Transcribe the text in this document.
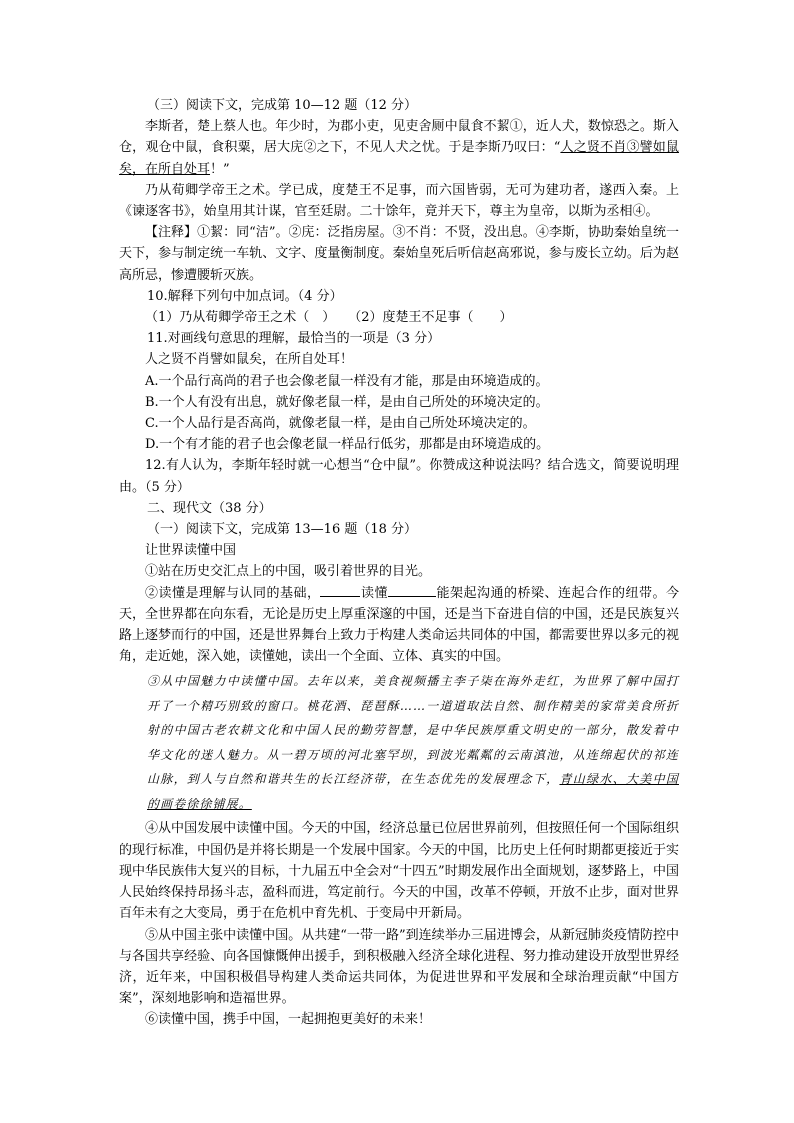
（三）阅读下文，完成第 10—12 题（12 分）

李斯者，楚上蔡人也。年少时，为郡小吏，见吏舍厕中鼠食不絜①，近人犬，数惊恐之。斯入仓，观仓中鼠，食积粟，居大庑②之下，不见人犬之忧。于是李斯乃叹曰：“人之贤不肖③譬如鼠矣，在所自处耳！”

乃从荀卿学帝王之术。学已成，度楚王不足事，而六国皆弱，无可为建功者，遂西入秦。上《谏逐客书》，始皇用其计谋，官至廷尉。二十馀年，竟并天下，尊主为皇帝，以斯为丞相④。

【注释】①絜：同“洁”。②庑：泛指房屋。③不肖：不贤，没出息。④李斯，协助秦始皇统一天下，参与制定统一车轨、文字、度量衡制度。秦始皇死后听信赵高邪说，参与废长立幼。后为赵高所忌，惨遭腰斩灭族。

10.解释下列句中加点词。（4 分）

（1）乃从荀卿学帝王之术（　）　　（2）度楚王不足事（　　）

11.对画线句意思的理解，最恰当的一项是（3 分）

人之贤不肖譬如鼠矣，在所自处耳！

A.一个品行高尚的君子也会像老鼠一样没有才能，那是由环境造成的。

B.一个人有没有出息，就好像老鼠一样，是由自己所处的环境决定的。

C.一个人品行是否高尚，就像老鼠一样，是由自己所处环境决定的。

D.一个有才能的君子也会像老鼠一样品行低劣，那都是由环境造成的。

12.有人认为，李斯年轻时就一心想当“仓中鼠”。你赞成这种说法吗？结合选文，简要说明理由。（5 分）

二、现代文（38 分）

（一）阅读下文，完成第 13—16 题（18 分）

让世界读懂中国

①站在历史交汇点上的中国，吸引着世界的目光。

②读懂是理解与认同的基础，	读懂	能架起沟通的桥梁、连起合作的纽带。今天，全世界都在向东看，无论是历史上厚重深邃的中国，还是当下奋进自信的中国，还是民族复兴路上逐梦而行的中国，还是世界舞台上致力于构建人类命运共同体的中国，都需要世界以多元的视角，走近她，深入她，读懂她，读出一个全面、立体、真实的中国。

③从中国魅力中读懂中国。去年以来，美食视频播主李子柒在海外走红，为世界了解中国打开了一个精巧别致的窗口。桃花酒、琵琶酥……一道道取法自然、制作精美的家常美食所折射的中国古老农耕文化和中国人民的勤劳智慧，是中华民族厚重文明史的一部分，散发着中华文化的迷人魅力。从一碧万顷的河北塞罕坝，到波光粼粼的云南滇池，从连绵起伏的祁连山脉，到人与自然和谐共生的长江经济带，在生态优先的发展理念下，青山绿水、大美中国的画卷徐徐铺展。

④从中国发展中读懂中国。今天的中国，经济总量已位居世界前列，但按照任何一个国际组织的现行标准，中国仍是并将长期是一个发展中国家。今天的中国，比历史上任何时期都更接近于实现中华民族伟大复兴的目标，十九届五中全会对“十四五”时期发展作出全面规划，逐梦路上，中国人民始终保持昂扬斗志，盈科而进，笃定前行。今天的中国，改革不停顿，开放不止步，面对世界百年未有之大变局，勇于在危机中育先机、于变局中开新局。

⑤从中国主张中读懂中国。从共建“一带一路”到连续举办三届进博会，从新冠肺炎疫情防控中与各国共享经验、向各国慷慨伸出援手，到积极融入经济全球化进程、努力推动建设开放型世界经济，近年来，中国积极倡导构建人类命运共同体，为促进世界和平发展和全球治理贡献“中国方案”，深刻地影响和造福世界。

⑥读懂中国，携手中国，一起拥抱更美好的未来！
